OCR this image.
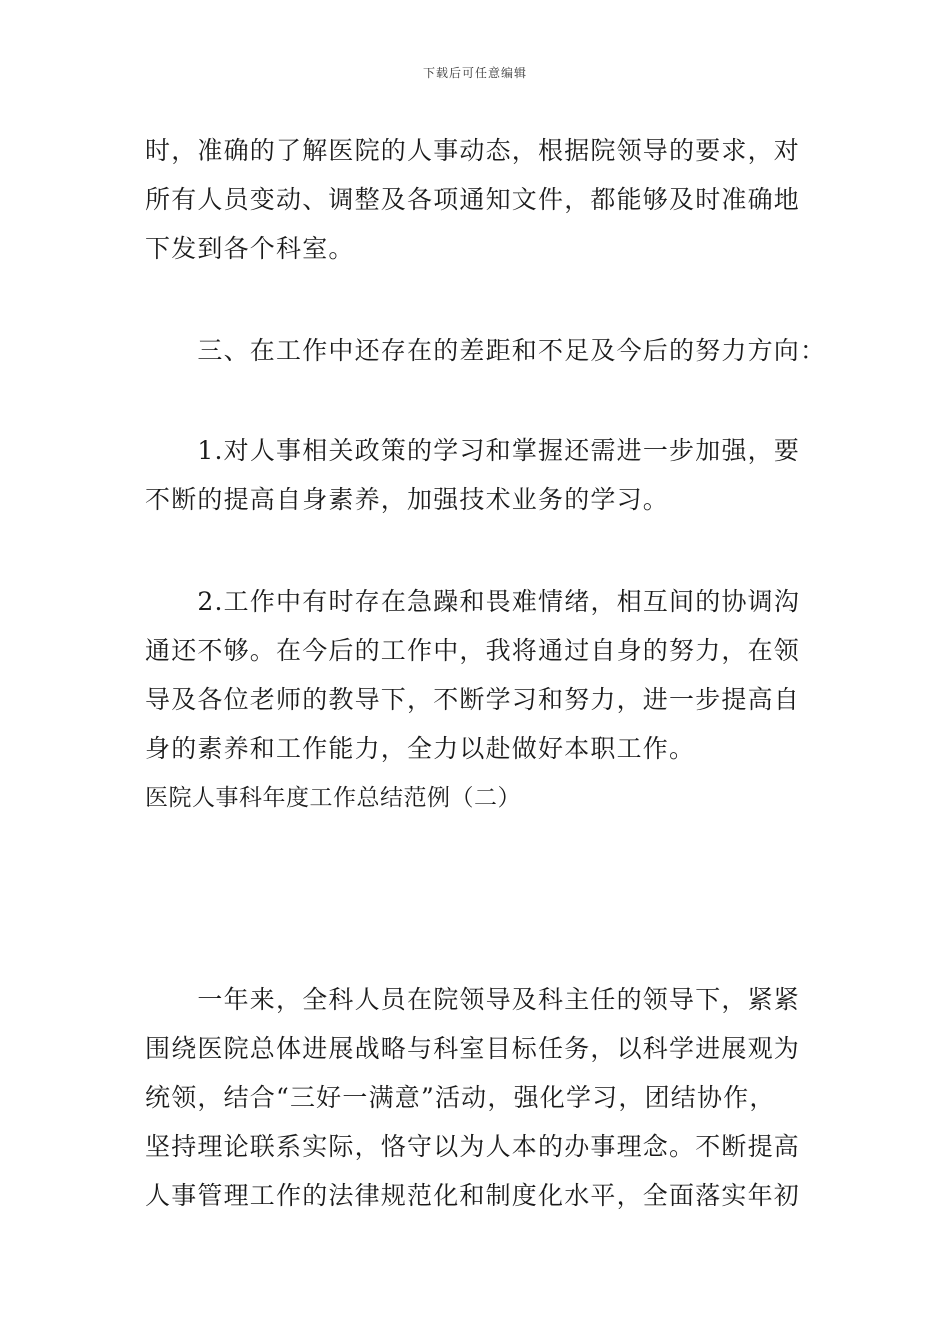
下载后可任意编辑
时，准确的了解医院的人事动态，根据院领导的要求，对
所有人员变动、调整及各项通知文件，都能够及时准确地
下发到各个科室。
　　三、在工作中还存在的差距和不足及今后的努力方向：
　　1.对人事相关政策的学习和掌握还需进一步加强，要
不断的提高自身素养，加强技术业务的学习。
　　2.工作中有时存在急躁和畏难情绪，相互间的协调沟
通还不够。在今后的工作中，我将通过自身的努力，在领
导及各位老师的教导下，不断学习和努力，进一步提高自
身的素养和工作能力，全力以赴做好本职工作。
医院人事科年度工作总结范例（二）
　　一年来，全科人员在院领导及科主任的领导下，紧紧
围绕医院总体进展战略与科室目标任务，以科学进展观为
统领，结合“三好一满意”活动，强化学习，团结协作，
坚持理论联系实际，恪守以为人本的办事理念。不断提高
人事管理工作的法律规范化和制度化水平，全面落实年初
